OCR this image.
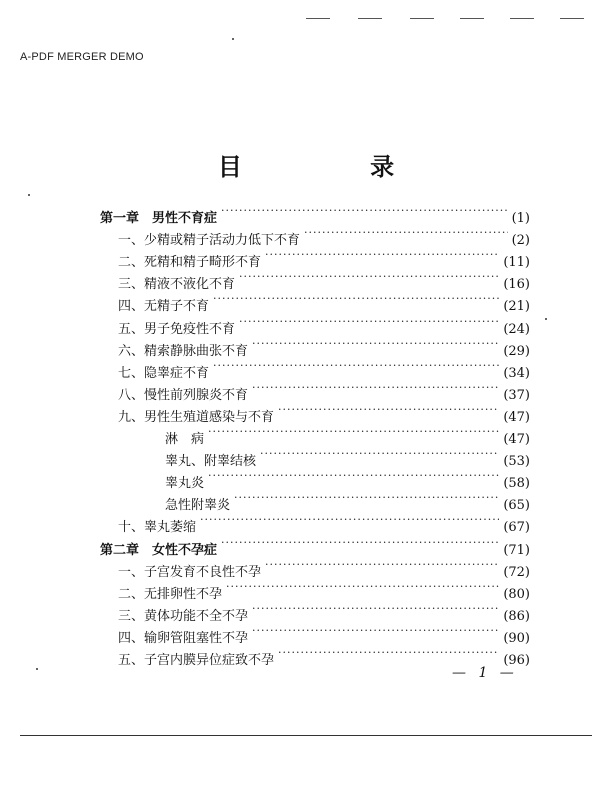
A-PDF MERGER DEMO
目 录
第一章　男性不育症 ·····	(1)
一、少精或精子活动力低下不育 ·····	(2)
二、死精和精子畸形不育 ·····	(11)
三、精液不液化不育 ·····	(16)
四、无精子不育 ·····	(21)
五、男子免疫性不育 ·····	(24)
六、精索静脉曲张不育 ·····	(29)
七、隐睾症不育 ·····	(34)
八、慢性前列腺炎不育 ·····	(37)
九、男性生殖道感染与不育 ·····	(47)
淋　病 ·····	(47)
睾丸、附睾结核 ·····	(53)
睾丸炎 ·····	(58)
急性附睾炎 ·····	(65)
十、睾丸萎缩 ·····	(67)
第二章　女性不孕症 ·····	(71)
一、子宫发育不良性不孕 ·····	(72)
二、无排卵性不孕 ·····	(80)
三、黄体功能不全不孕 ·····	(86)
四、输卵管阻塞性不孕 ·····	(90)
五、子宫内膜异位症致不孕 ·····	(96)
— 1 —
